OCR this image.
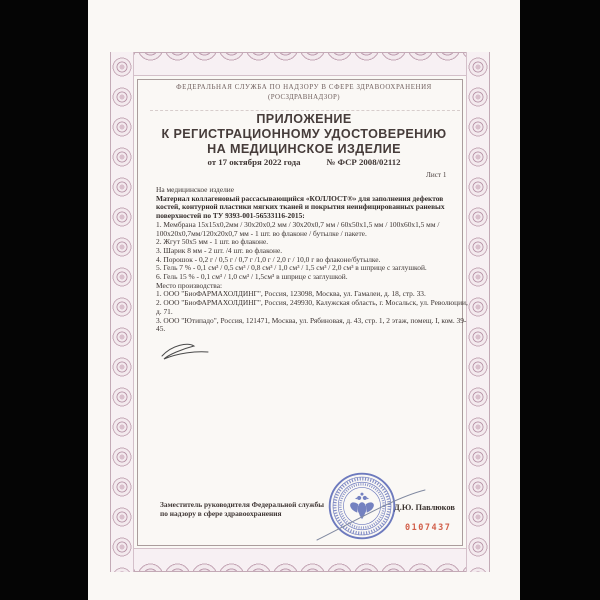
ФЕДЕРАЛЬНАЯ СЛУЖБА ПО НАДЗОРУ В СФЕРЕ ЗДРАВООХРАНЕНИЯ
(РОСЗДРАВНАДЗОР)
ПРИЛОЖЕНИЕ
К РЕГИСТРАЦИОННОМУ УДОСТОВЕРЕНИЮ
НА МЕДИЦИНСКОЕ ИЗДЕЛИЕ
от 17 октября 2022 года	№ ФСР 2008/02112
Лист 1
На медицинское изделие
Материал коллагеновый рассасывающийся «КОЛЛОСТ®» для заполнения дефектов костей, контурной пластики мягких тканей и покрытия неинфицированных раневых поверхностей по ТУ 9393-001-56533116-2015:
1. Мембрана 15х15х0,2мм / 30х20х0,2 мм / 30х20х0,7 мм / 60х50х1,5 мм / 100х60х1,5 мм / 100х20х0,7мм/120х20х0,7 мм - 1 шт. во флаконе / бутылке / пакете.
2. Жгут 50х5 мм - 1 шт. во флаконе.
3. Шарик 8 мм - 2 шт. /4 шт. во флаконе.
4. Порошок - 0,2 г / 0,5 г / 0,7 г /1,0 г / 2,0 г / 10,0 г во флаконе/бутылке.
5. Гель 7 % - 0,1 см³ / 0,5 см³ / 0,8 см³ / 1,0 см³ / 1,5 см³ / 2,0 см³ в шприце с заглушкой.
6. Гель 15 % - 0,1 см³ / 1,0 см³ / 1,5см³ в шприце с заглушкой.
Место производства:
1. ООО "БиоФАРМАХОЛДИНГ", Россия, 123098, Москва, ул. Гамалеи, д. 18, стр. 33.
2. ООО "БиоФАРМАХОЛДИНГ", Россия, 249930, Калужская область, г. Мосальск, ул. Революции, д. 71.
3. ООО "Ютипадо", Россия, 121471, Москва, ул. Рябиновая, д. 43, стр. 1, 2 этаж, помещ. I, ком. 39-45.
Заместитель руководителя Федеральной службы
по надзору в сфере здравоохранения
Д.Ю. Павлюков
0107437
